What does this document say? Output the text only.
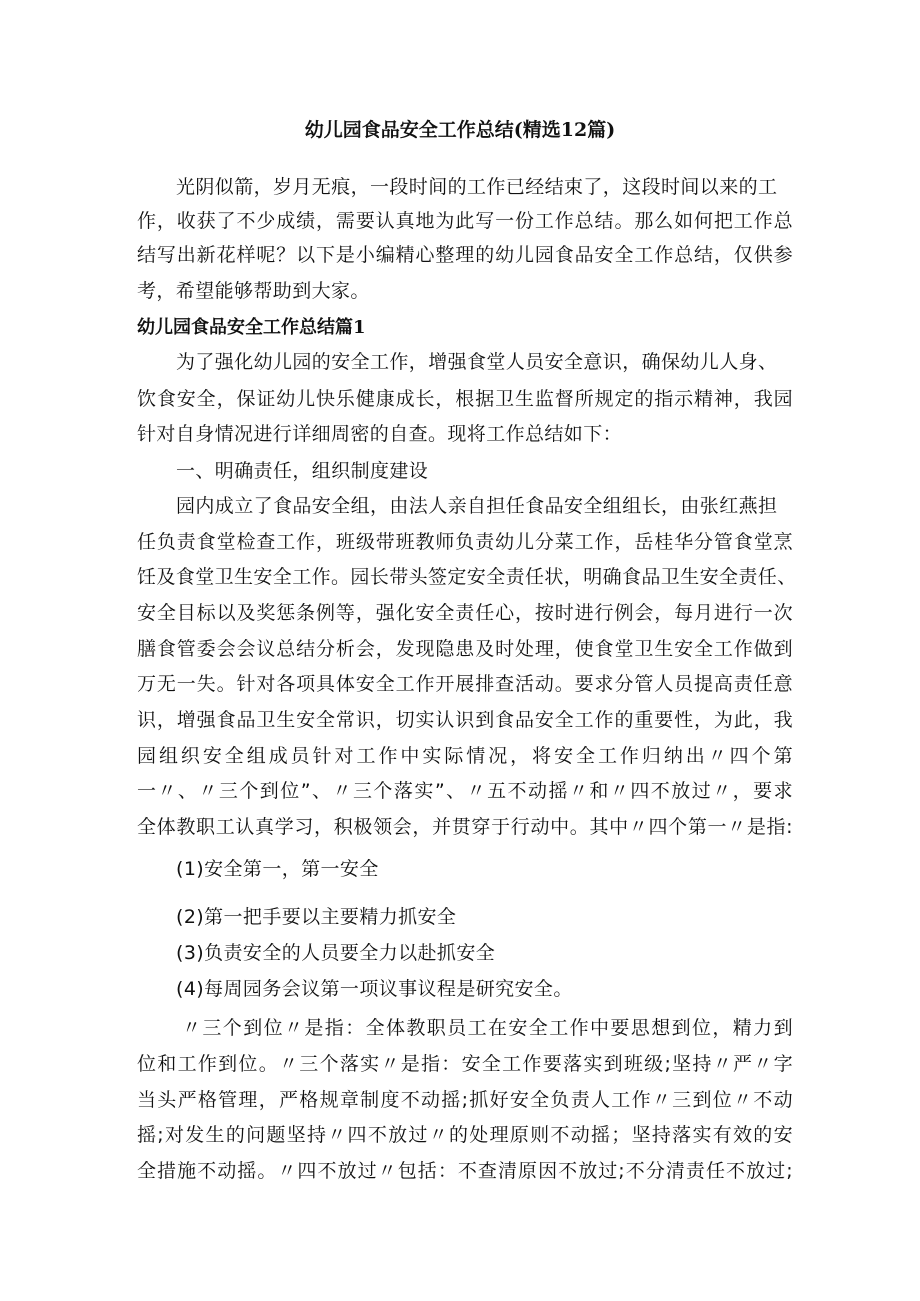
幼儿园食品安全工作总结(精选12篇)
光阴似箭，岁月无痕，一段时间的工作已经结束了，这段时间以来的工
作，收获了不少成绩，需要认真地为此写一份工作总结。那么如何把工作总
结写出新花样呢？以下是小编精心整理的幼儿园食品安全工作总结，仅供参
考，希望能够帮助到大家。
幼儿园食品安全工作总结篇1
为了强化幼儿园的安全工作，增强食堂人员安全意识，确保幼儿人身、
饮食安全，保证幼儿快乐健康成长，根据卫生监督所规定的指示精神，我园
针对自身情况进行详细周密的自查。现将工作总结如下：
一、明确责任，组织制度建设
园内成立了食品安全组，由法人亲自担任食品安全组组长，由张红燕担
任负责食堂检查工作，班级带班教师负责幼儿分菜工作，岳桂华分管食堂烹
饪及食堂卫生安全工作。园长带头签定安全责任状，明确食品卫生安全责任、
安全目标以及奖惩条例等，强化安全责任心，按时进行例会，每月进行一次
膳食管委会会议总结分析会，发现隐患及时处理，使食堂卫生安全工作做到
万无一失。针对各项具体安全工作开展排查活动。要求分管人员提高责任意
识，增强食品卫生安全常识，切实认识到食品安全工作的重要性，为此，我
园组织安全组成员针对工作中实际情况，将安全工作归纳出〃四个第
一〃、〃三个到位”、〃三个落实”、〃五不动摇〃和〃四不放过〃，要求
全体教职工认真学习，积极领会，并贯穿于行动中。其中〃四个第一〃是指:
(1)安全第一，第一安全
(2)第一把手要以主要精力抓安全
(3)负责安全的人员要全力以赴抓安全
(4)每周园务会议第一项议事议程是研究安全。
〃三个到位〃是指：全体教职员工在安全工作中要思想到位，精力到
位和工作到位。〃三个落实〃是指：安全工作要落实到班级;坚持〃严〃字
当头严格管理，严格规章制度不动摇;抓好安全负责人工作〃三到位〃不动
摇;对发生的问题坚持〃四不放过〃的处理原则不动摇；坚持落实有效的安
全措施不动摇。〃四不放过〃包括：不查清原因不放过;不分清责任不放过;
